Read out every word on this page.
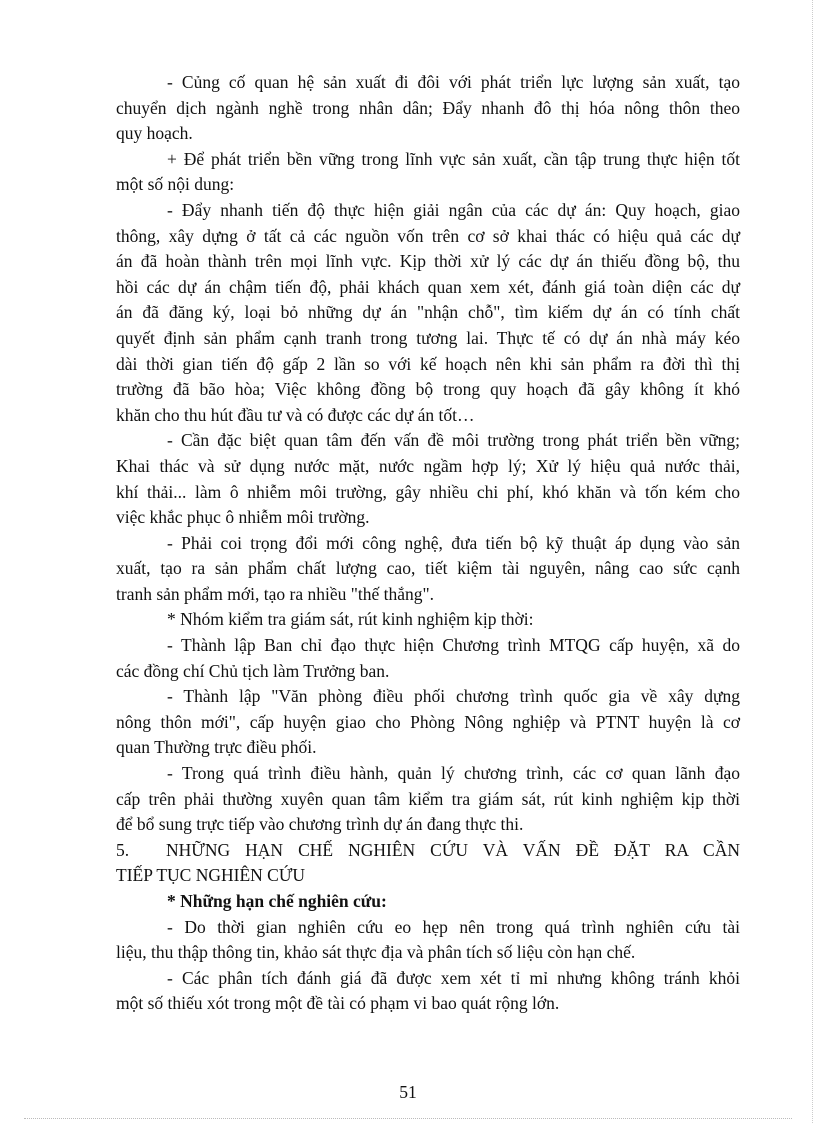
- Củng cố quan hệ sản xuất đi đôi với phát triển lực lượng sản xuất, tạo
chuyển dịch ngành nghề trong nhân dân; Đẩy nhanh đô thị hóa nông thôn theo
quy hoạch.
+ Để phát triển bền vững trong lĩnh vực sản xuất, cần tập trung thực hiện tốt
một số nội dung:
- Đẩy nhanh tiến độ thực hiện giải ngân của các dự án: Quy hoạch, giao
thông, xây dựng ở tất cả các nguồn vốn trên cơ sở khai thác có hiệu quả các dự
án đã hoàn thành trên mọi lĩnh vực. Kịp thời xử lý các dự án thiếu đồng bộ, thu
hồi các dự án chậm tiến độ, phải khách quan xem xét, đánh giá toàn diện các dự
án đã đăng ký, loại bỏ những dự án "nhận chỗ", tìm kiếm dự án có tính chất
quyết định sản phẩm cạnh tranh trong tương lai. Thực tế có dự án nhà máy kéo
dài thời gian tiến độ gấp 2 lần so với kế hoạch nên khi sản phẩm ra đời thì thị
trường đã bão hòa; Việc không đồng bộ trong quy hoạch đã gây không ít khó
khăn cho thu hút đầu tư và có được các dự án tốt…
- Cần đặc biệt quan tâm đến vấn đề môi trường trong phát triển bền vững;
Khai thác và sử dụng nước mặt, nước ngầm hợp lý; Xử lý hiệu quả nước thải,
khí thải... làm ô nhiễm môi trường, gây nhiều chi phí, khó khăn và tốn kém cho
việc khắc phục ô nhiễm môi trường.
- Phải coi trọng đổi mới công nghệ, đưa tiến bộ kỹ thuật áp dụng vào sản
xuất, tạo ra sản phẩm chất lượng cao, tiết kiệm tài nguyên, nâng cao sức cạnh
tranh sản phẩm mới, tạo ra nhiều "thế thắng".
* Nhóm kiểm tra giám sát, rút kinh nghiệm kịp thời:
- Thành lập Ban chỉ đạo thực hiện Chương trình MTQG cấp huyện, xã do
các đồng chí Chủ tịch làm Trưởng ban.
- Thành lập "Văn phòng điều phối chương trình quốc gia về xây dựng
nông thôn mới", cấp huyện giao cho Phòng Nông nghiệp và PTNT huyện là cơ
quan Thường trực điều phối.
- Trong quá trình điều hành, quản lý chương trình, các cơ quan lãnh đạo
cấp trên phải thường xuyên quan tâm kiểm tra giám sát, rút kinh nghiệm kịp thời
để bổ sung trực tiếp vào chương trình dự án đang thực thi.
5.	NHỮNG HẠN CHẾ NGHIÊN CỨU VÀ VẤN ĐỀ ĐẶT RA CẦN
TIẾP TỤC NGHIÊN CỨU
* Những hạn chế nghiên cứu:
- Do thời gian nghiên cứu eo hẹp nên trong quá trình nghiên cứu tài
liệu, thu thập thông tin, khảo sát thực địa và phân tích số liệu còn hạn chế.
- Các phân tích đánh giá đã được xem xét tỉ mỉ nhưng không tránh khỏi
một số thiếu xót trong một đề tài có phạm vi bao quát rộng lớn.
51
